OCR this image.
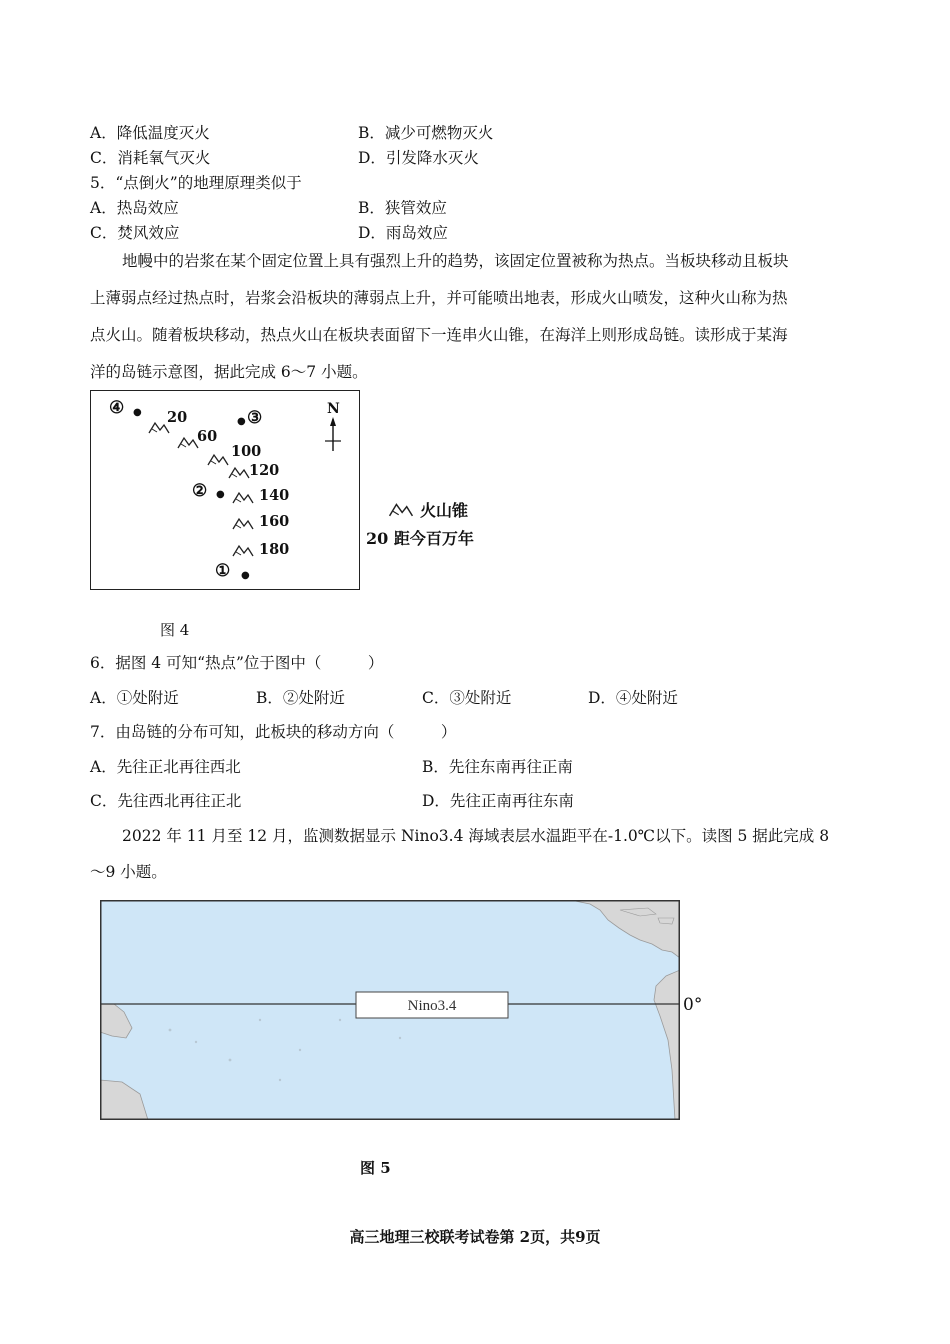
A．降低温度灭火	B．减少可燃物灭火
C．消耗氧气灭火	D．引发降水灭火
5．“点倒火”的地理原理类似于
A．热岛效应	B．狭管效应
C．焚风效应	D．雨岛效应
地幔中的岩浆在某个固定位置上具有强烈上升的趋势，该固定位置被称为热点。当板块移动且板块
上薄弱点经过热点时，岩浆会沿板块的薄弱点上升，并可能喷出地表，形成火山喷发，这种火山称为热
点火山。随着板块移动，热点火山在板块表面留下一连串火山锥，在海洋上则形成岛链。读形成于某海
洋的岛链示意图，据此完成 6～7 小题。
④ ●
● ③
② ●
① ●
N
20
60
100
120
140
160
180
火山锥
20 距今百万年
图 4
6．据图 4 可知“热点”位于图中（　　　）
A．①处附近	B．②处附近	C．③处附近	D．④处附近
7．由岛链的分布可知，此板块的移动方向（　　　）
A．先往正北再往西北	B．先往东南再往正南
C．先往西北再往正北	D．先往正南再往东南
2022 年 11 月至 12 月，监测数据显示 Nino3.4 海域表层水温距平在-1.0℃以下。读图 5 据此完成 8
～9 小题。
Nino3.4	0°
图 5
高三地理三校联考试卷第 2页，共9页
